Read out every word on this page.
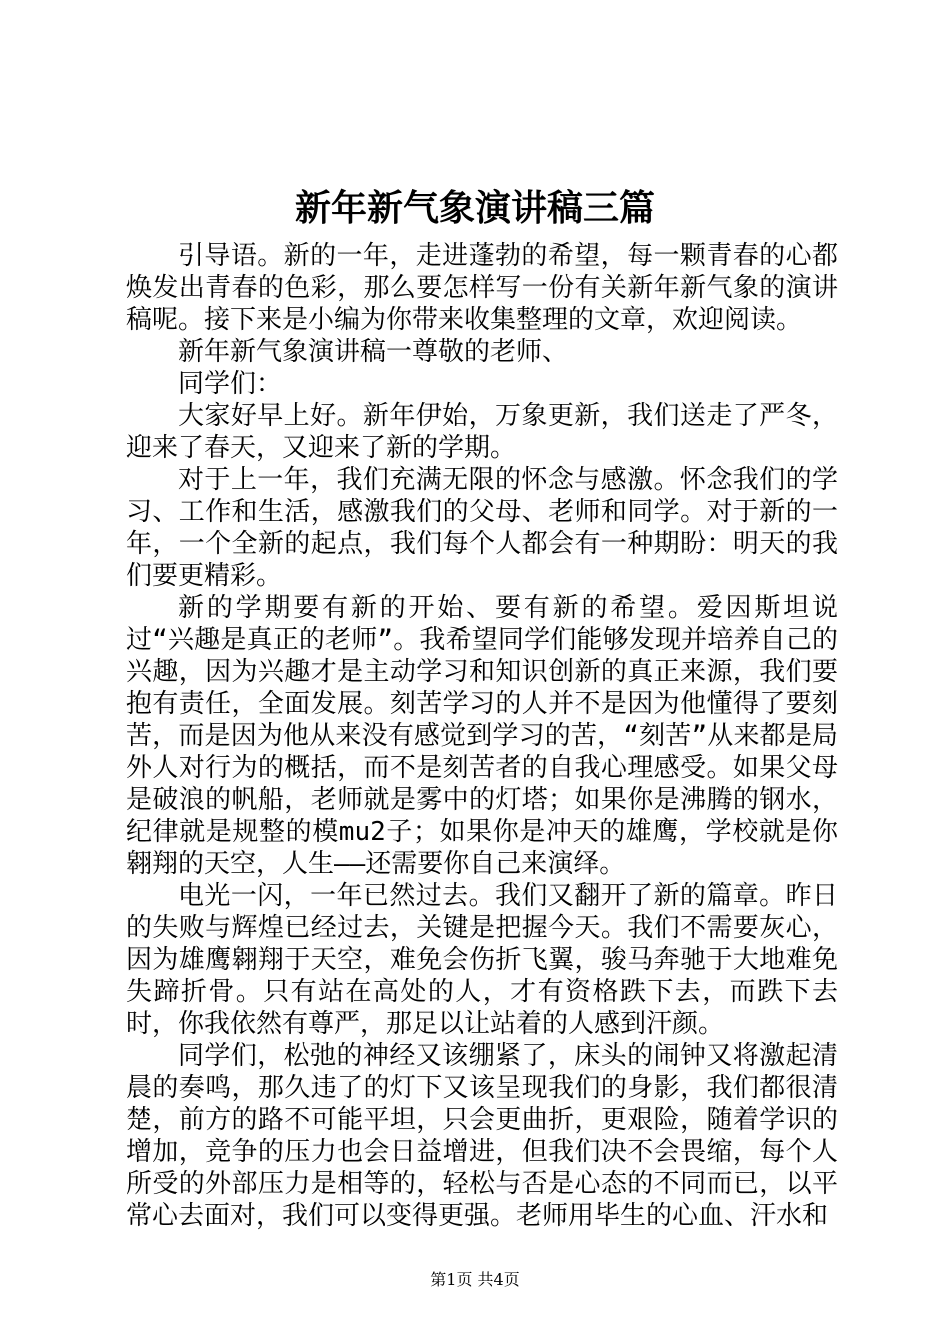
新年新气象演讲稿三篇

引导语。新的一年，走进蓬勃的希望，每一颗青春的心都焕发出青春的色彩，那么要怎样写一份有关新年新气象的演讲稿呢。接下来是小编为你带来收集整理的文章，欢迎阅读。

新年新气象演讲稿一尊敬的老师、

同学们：

大家好早上好。新年伊始，万象更新，我们送走了严冬，迎来了春天，又迎来了新的学期。

对于上一年，我们充满无限的怀念与感激。怀念我们的学习、工作和生活，感激我们的父母、老师和同学。对于新的一年，一个全新的起点，我们每个人都会有一种期盼：明天的我们要更精彩。

新的学期要有新的开始、要有新的希望。爱因斯坦说过“兴趣是真正的老师”。我希望同学们能够发现并培养自己的兴趣，因为兴趣才是主动学习和知识创新的真正来源，我们要抱有责任，全面发展。刻苦学习的人并不是因为他懂得了要刻苦，而是因为他从来没有感觉到学习的苦，“刻苦”从来都是局外人对行为的概括，而不是刻苦者的自我心理感受。如果父母是破浪的帆船，老师就是雾中的灯塔；如果你是沸腾的钢水，纪律就是规整的模mu2子；如果你是冲天的雄鹰，学校就是你翱翔的天空，人生——还需要你自己来演绎。

电光一闪，一年已然过去。我们又翻开了新的篇章。昨日的失败与辉煌已经过去，关键是把握今天。我们不需要灰心，因为雄鹰翱翔于天空，难免会伤折飞翼，骏马奔驰于大地难免失蹄折骨。只有站在高处的人，才有资格跌下去，而跌下去时，你我依然有尊严，那足以让站着的人感到汗颜。

同学们，松弛的神经又该绷紧了，床头的闹钟又将激起清晨的奏鸣，那久违了的灯下又该呈现我们的身影，我们都很清楚，前方的路不可能平坦，只会更曲折，更艰险，随着学识的增加，竞争的压力也会日益增进，但我们决不会畏缩，每个人所受的外部压力是相等的，轻松与否是心态的不同而已，以平常心去面对，我们可以变得更强。老师用毕生的心血、汗水和

第1页 共4页
